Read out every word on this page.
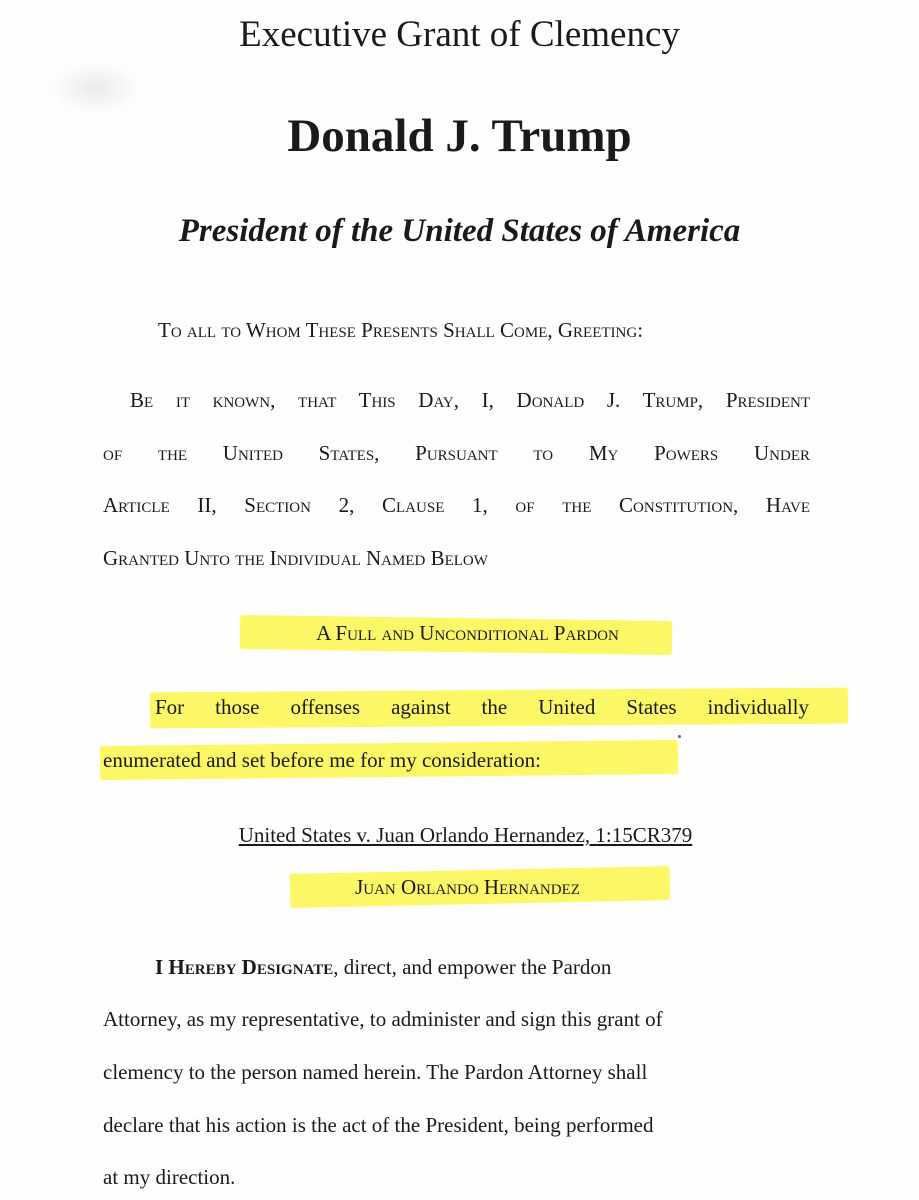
Executive Grant of Clemency
Donald J. Trump
President of the United States of America
To all to Whom These Presents Shall Come, Greeting:
Be it known, that This Day, I, Donald J. Trump, President
of the United States, Pursuant to My Powers Under
Article II, Section 2, Clause 1, of the Constitution, Have
Granted Unto the Individual Named Below
A Full and Unconditional Pardon
For those offenses against the United States individually
enumerated and set before me for my consideration:
United States v. Juan Orlando Hernandez, 1:15CR379
Juan Orlando Hernandez
I Hereby Designate, direct, and empower the Pardon
Attorney, as my representative, to administer and sign this grant of
clemency to the person named herein. The Pardon Attorney shall
declare that his action is the act of the President, being performed
at my direction.
